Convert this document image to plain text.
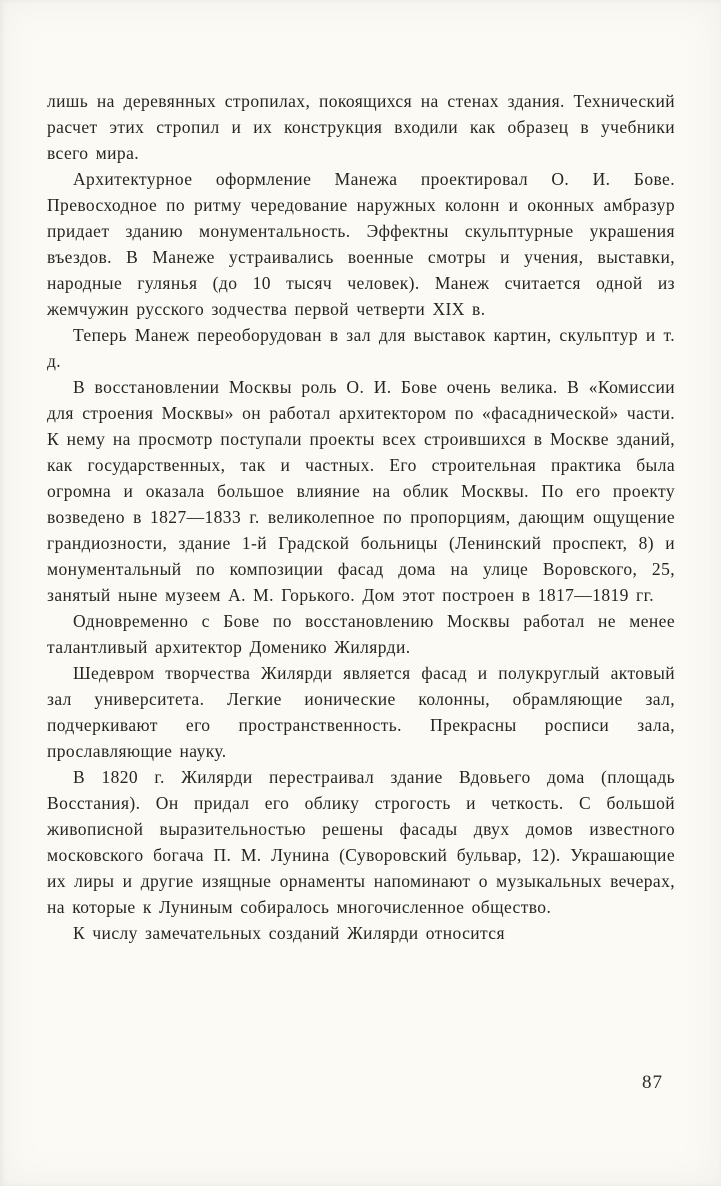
лишь на деревянных стропилах, покоящихся на стенах здания. Технический расчет этих стропил и их конструкция входили как образец в учебники всего мира.

Архитектурное оформление Манежа проектировал О. И. Бове. Превосходное по ритму чередование наружных колонн и оконных амбразур придает зданию монументальность. Эффектны скульптурные украшения въездов. В Манеже устраивались военные смотры и учения, выставки, народные гулянья (до 10 тысяч человек). Манеж считается одной из жемчужин русского зодчества первой четверти XIX в.

Теперь Манеж переоборудован в зал для выставок картин, скульптур и т. д.

В восстановлении Москвы роль О. И. Бове очень велика. В «Комиссии для строения Москвы» он работал архитектором по «фасаднической» части. К нему на просмотр поступали проекты всех строившихся в Москве зданий, как государственных, так и частных. Его строительная практика была огромна и оказала большое влияние на облик Москвы. По его проекту возведено в 1827—1833 г. великолепное по пропорциям, дающим ощущение грандиозности, здание 1-й Градской больницы (Ленинский проспект, 8) и монументальный по композиции фасад дома на улице Воровского, 25, занятый ныне музеем А. М. Горького. Дом этот построен в 1817—1819 гг.

Одновременно с Бове по восстановлению Москвы работал не менее талантливый архитектор Доменико Жилярди.

Шедевром творчества Жилярди является фасад и полукруглый актовый зал университета. Легкие ионические колонны, обрамляющие зал, подчеркивают его пространственность. Прекрасны росписи зала, прославляющие науку.

В 1820 г. Жилярди перестраивал здание Вдовьего дома (площадь Восстания). Он придал его облику строгость и четкость. С большой живописной выразительностью решены фасады двух домов известного московского богача П. М. Лунина (Суворовский бульвар, 12). Украшающие их лиры и другие изящные орнаменты напоминают о музыкальных вечерах, на которые к Луниным собиралось многочисленное общество.

К числу замечательных созданий Жилярди относится

87
